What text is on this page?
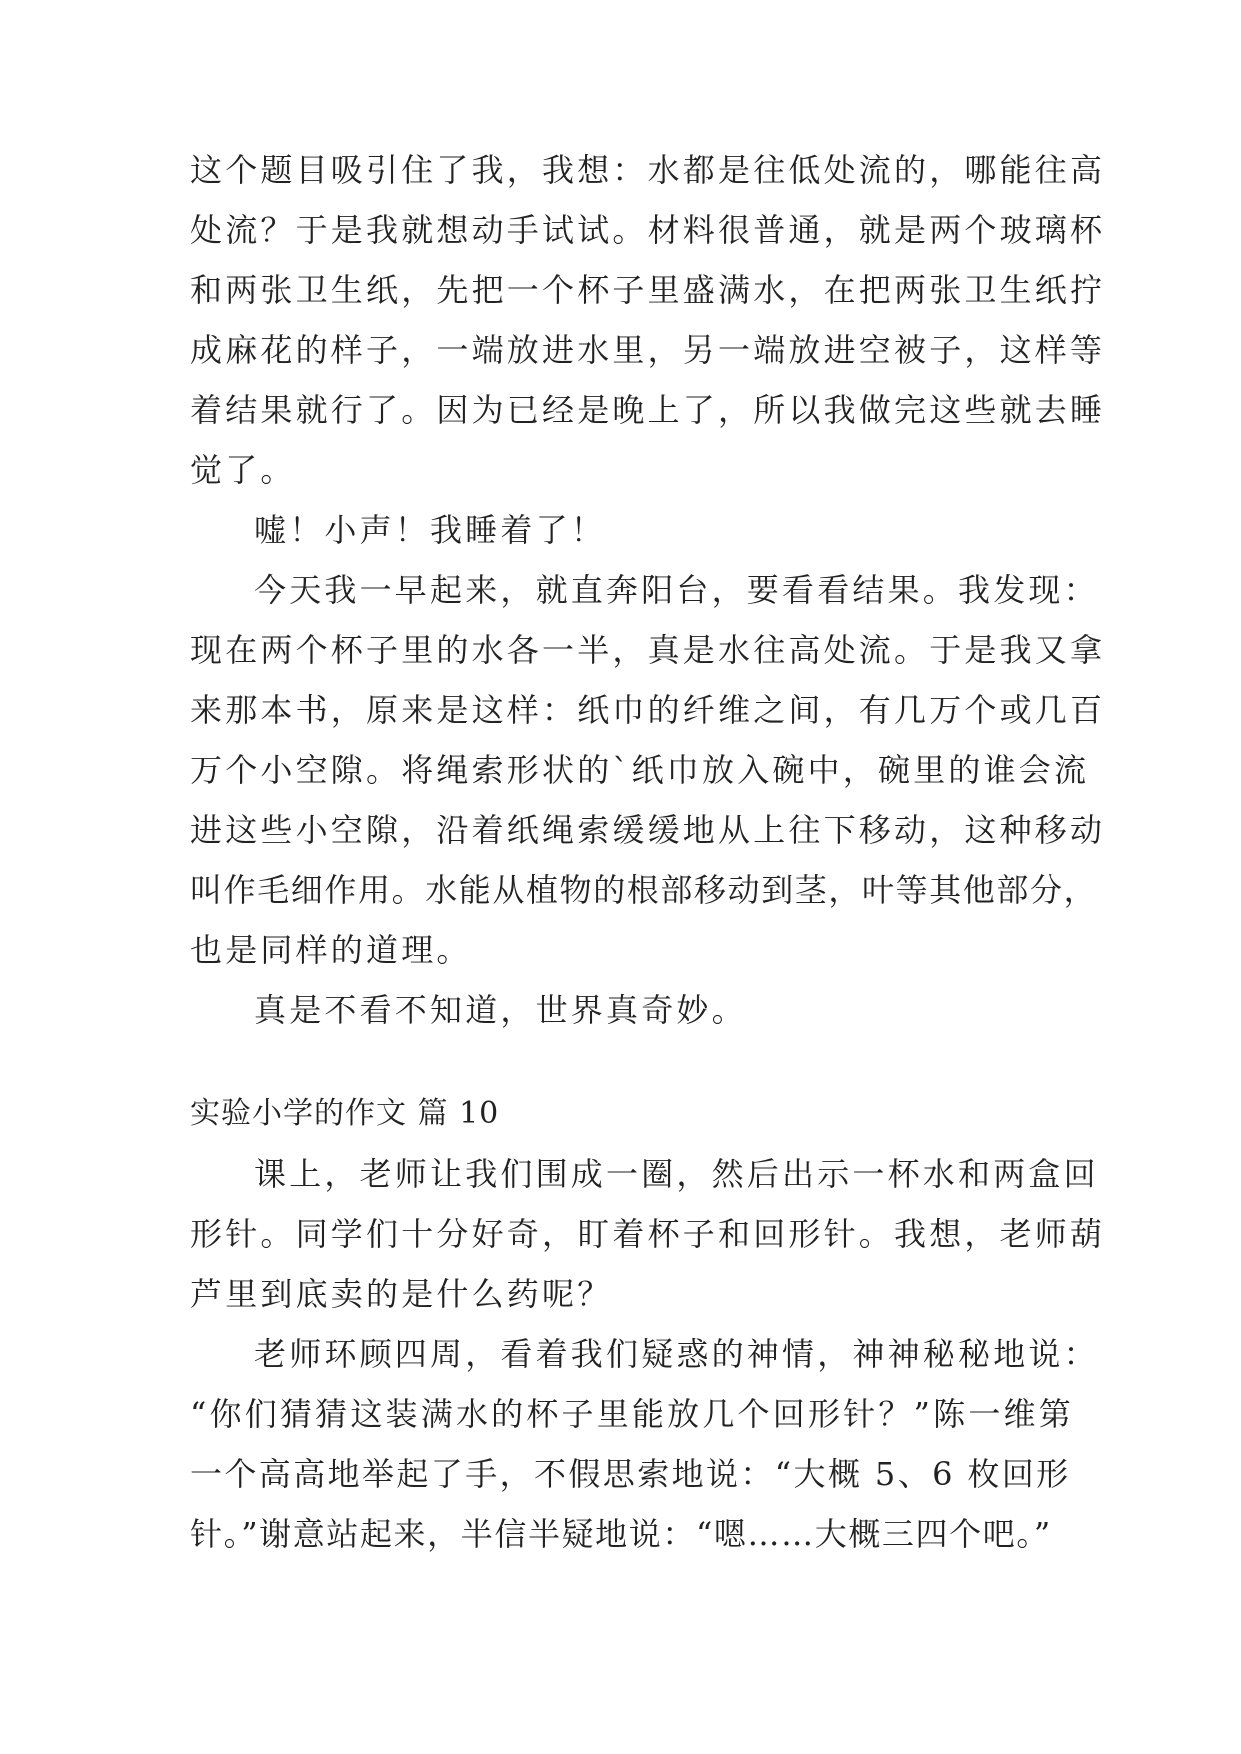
这个题目吸引住了我，我想：水都是往低处流的，哪能往高
处流？于是我就想动手试试。材料很普通，就是两个玻璃杯
和两张卫生纸，先把一个杯子里盛满水，在把两张卫生纸拧
成麻花的样子，一端放进水里，另一端放进空被子，这样等
着结果就行了。因为已经是晚上了，所以我做完这些就去睡
觉了。
嘘！小声！我睡着了！
今天我一早起来，就直奔阳台，要看看结果。我发现：
现在两个杯子里的水各一半，真是水往高处流。于是我又拿
来那本书，原来是这样：纸巾的纤维之间，有几万个或几百
万个小空隙。将绳索形状的`纸巾放入碗中，碗里的谁会流
进这些小空隙，沿着纸绳索缓缓地从上往下移动，这种移动
叫作毛细作用。水能从植物的根部移动到茎，叶等其他部分，
也是同样的道理。
真是不看不知道，世界真奇妙。
实验小学的作文 篇 10
课上，老师让我们围成一圈，然后出示一杯水和两盒回
形针。同学们十分好奇，盯着杯子和回形针。我想，老师葫
芦里到底卖的是什么药呢？
老师环顾四周，看着我们疑惑的神情，神神秘秘地说：
“你们猜猜这装满水的杯子里能放几个回形针？”陈一维第
一个高高地举起了手，不假思索地说：“大概 5、6 枚回形
针。”谢意站起来，半信半疑地说：“嗯……大概三四个吧。”
